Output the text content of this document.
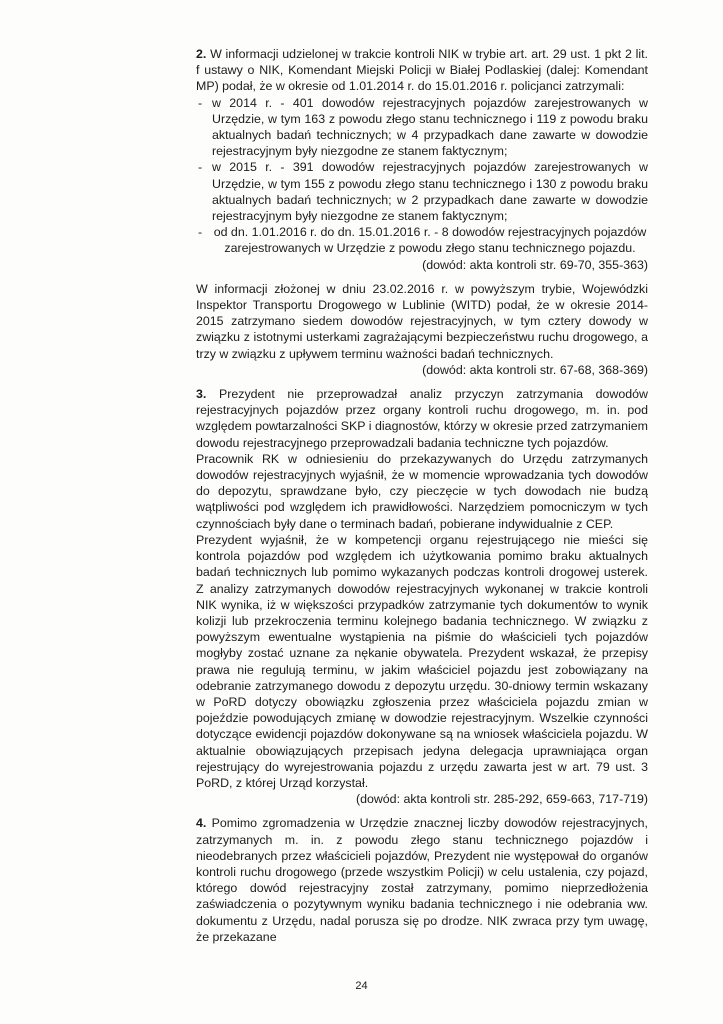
2. W informacji udzielonej w trakcie kontroli NIK w trybie art. art. 29 ust. 1 pkt 2 lit. f ustawy o NIK, Komendant Miejski Policji w Białej Podlaskiej (dalej: Komendant MP) podał, że w okresie od 1.01.2014 r. do 15.01.2016 r. policjanci zatrzymali:

- w 2014 r. - 401 dowodów rejestracyjnych pojazdów zarejestrowanych w Urzędzie, w tym 163 z powodu złego stanu technicznego i 119 z powodu braku aktualnych badań technicznych; w 4 przypadkach dane zawarte w dowodzie rejestracyjnym były niezgodne ze stanem faktycznym;
- w 2015 r. - 391 dowodów rejestracyjnych pojazdów zarejestrowanych w Urzędzie, w tym 155 z powodu złego stanu technicznego i 130 z powodu braku aktualnych badań technicznych; w 2 przypadkach dane zawarte w dowodzie rejestracyjnym były niezgodne ze stanem faktycznym;
- od dn. 1.01.2016 r. do dn. 15.01.2016 r. - 8 dowodów rejestracyjnych pojazdów zarejestrowanych w Urzędzie z powodu złego stanu technicznego pojazdu.

(dowód: akta kontroli str. 69-70, 355-363)

W informacji złożonej w dniu 23.02.2016 r. w powyższym trybie, Wojewódzki Inspektor Transportu Drogowego w Lublinie (WITD) podał, że w okresie 2014-2015 zatrzymano siedem dowodów rejestracyjnych, w tym cztery dowody w związku z istotnymi usterkami zagrażającymi bezpieczeństwu ruchu drogowego, a trzy w związku z upływem terminu ważności badań technicznych.

(dowód: akta kontroli str. 67-68, 368-369)

3. Prezydent nie przeprowadzał analiz przyczyn zatrzymania dowodów rejestracyjnych pojazdów przez organy kontroli ruchu drogowego, m. in. pod względem powtarzalności SKP i diagnostów, którzy w okresie przed zatrzymaniem dowodu rejestracyjnego przeprowadzali badania techniczne tych pojazdów.

Pracownik RK w odniesieniu do przekazywanych do Urzędu zatrzymanych dowodów rejestracyjnych wyjaśnił, że w momencie wprowadzania tych dowodów do depozytu, sprawdzane było, czy pieczęcie w tych dowodach nie budzą wątpliwości pod względem ich prawidłowości. Narzędziem pomocniczym w tych czynnościach były dane o terminach badań, pobierane indywidualnie z CEP.

Prezydent wyjaśnił, że w kompetencji organu rejestrującego nie mieści się kontrola pojazdów pod względem ich użytkowania pomimo braku aktualnych badań technicznych lub pomimo wykazanych podczas kontroli drogowej usterek. Z analizy zatrzymanych dowodów rejestracyjnych wykonanej w trakcie kontroli NIK wynika, iż w większości przypadków zatrzymanie tych dokumentów to wynik kolizji lub przekroczenia terminu kolejnego badania technicznego. W związku z powyższym ewentualne wystąpienia na piśmie do właścicieli tych pojazdów mogłyby zostać uznane za nękanie obywatela. Prezydent wskazał, że przepisy prawa nie regulują terminu, w jakim właściciel pojazdu jest zobowiązany na odebranie zatrzymanego dowodu z depozytu urzędu. 30-dniowy termin wskazany w PoRD dotyczy obowiązku zgłoszenia przez właściciela pojazdu zmian w pojeździe powodujących zmianę w dowodzie rejestracyjnym. Wszelkie czynności dotyczące ewidencji pojazdów dokonywane są na wniosek właściciela pojazdu. W aktualnie obowiązujących przepisach jedyna delegacja uprawniająca organ rejestrujący do wyrejestrowania pojazdu z urzędu zawarta jest w art. 79 ust. 3 PoRD, z której Urząd korzystał.

(dowód: akta kontroli str. 285-292, 659-663, 717-719)

4. Pomimo zgromadzenia w Urzędzie znacznej liczby dowodów rejestracyjnych, zatrzymanych m. in. z powodu złego stanu technicznego pojazdów i nieodebranych przez właścicieli pojazdów, Prezydent nie występował do organów kontroli ruchu drogowego (przede wszystkim Policji) w celu ustalenia, czy pojazd, którego dowód rejestracyjny został zatrzymany, pomimo nieprzedłożenia zaświadczenia o pozytywnym wyniku badania technicznego i nie odebrania ww. dokumentu z Urzędu, nadal porusza się po drodze. NIK zwraca przy tym uwagę, że przekazane

24
